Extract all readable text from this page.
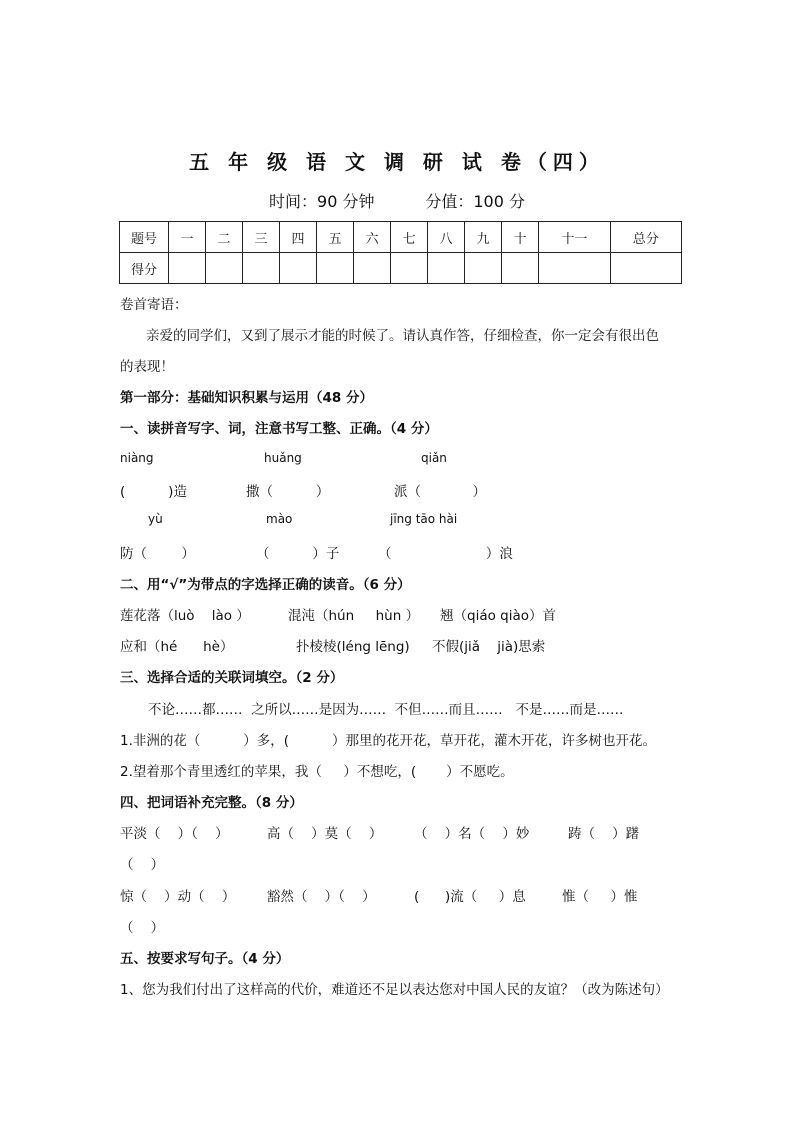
五 年 级 语 文 调 研 试 卷（四）
时间：90 分钟          分值：100 分
题号	一	二	三	四	五	六	七	八	九	十	十一	总分
得分												
卷首寄语：
亲爱的同学们，又到了展示才能的时候了。请认真作答，仔细检查，你一定会有很出色
的表现！
第一部分：基础知识积累与运用（48 分）
一、读拼音写字、词，注意书写工整、正确。（4 分）
niàng	huǎng	qiǎn
(          )造	撒（          ）	派（            ）
yù	mào	jīng tāo hài
防（        ）	（          ）子	（                      ）浪
二、用“√”为带点的字选择正确的读音。（6 分）
莲花落（luò    lào ）	混沌（hún     hùn ） 翘（qiáo qiào）首
应和（hé      hè）	扑棱棱(léng lēng) 不假(jiǎ    jià)思索
三、选择合适的关联词填空。（2 分）
不论……都……  之所以……是因为……  不但……而且……   不是……而是……
1.非洲的花（          ）多，(          ）那里的花开花，草开花，灌木开花，许多树也开花。
2.望着那个青里透红的苹果，我（     ）不想吃，(       ）不愿吃。
四、把词语补充完整。（8 分）
平淡（    ）（    ）	高（    ）莫（    ） （    ）名（    ）妙	踌（    ）躇
（    ）
惊（    ）动（    ） 豁然（    ）（    ）	(      )流（     ）息	惟（     ）惟
（    ）
五、按要求写句子。（4 分）
1、您为我们付出了这样高的代价，难道还不足以表达您对中国人民的友谊？（改为陈述句）
